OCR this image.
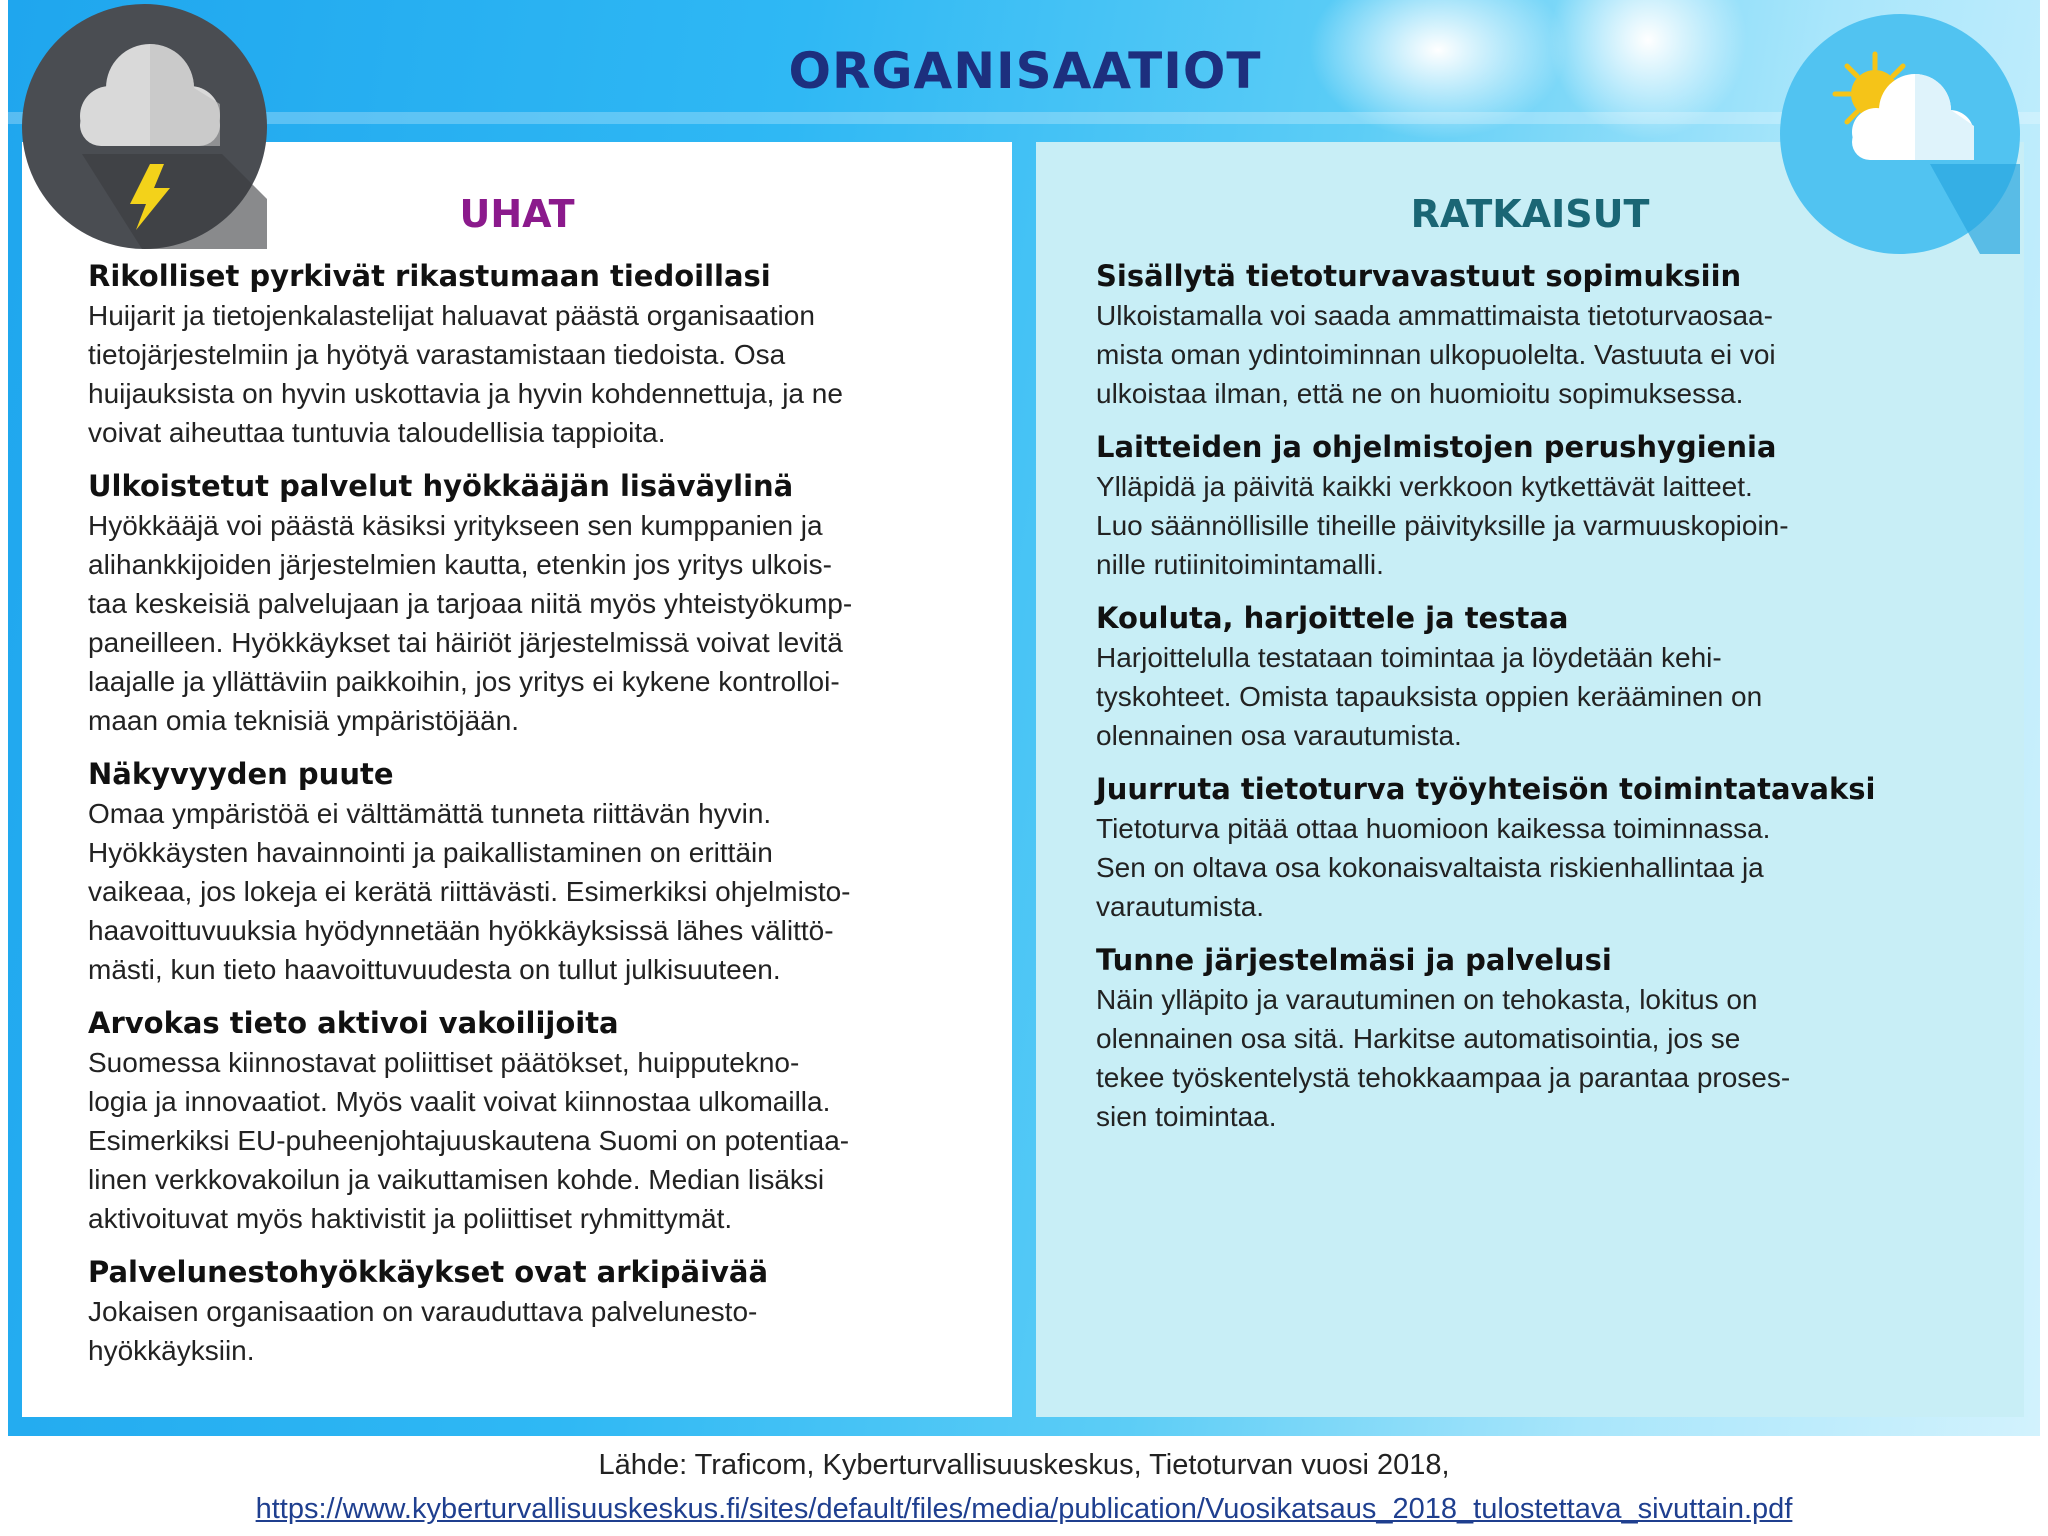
ORGANISAATIOT
UHAT
Rikolliset pyrkivät rikastumaan tiedoillasi

Huijarit ja tietojenkalastelijat haluavat päästä organisaation
tietojärjestelmiin ja hyötyä varastamistaan tiedoista. Osa
huijauksista on hyvin uskottavia ja hyvin kohdennettuja, ja ne
voivat aiheuttaa tuntuvia taloudellisia tappioita.

Ulkoistetut palvelut hyökkääjän lisäväylinä

Hyökkääjä voi päästä käsiksi yritykseen sen kumppanien ja
alihankkijoiden järjestelmien kautta, etenkin jos yritys ulkois-
taa keskeisiä palvelujaan ja tarjoaa niitä myös yhteistyökump-
paneilleen. Hyökkäykset tai häiriöt järjestelmissä voivat levitä
laajalle ja yllättäviin paikkoihin, jos yritys ei kykene kontrolloi-
maan omia teknisiä ympäristöjään.

Näkyvyyden puute

Omaa ympäristöä ei välttämättä tunneta riittävän hyvin.
Hyökkäysten havainnointi ja paikallistaminen on erittäin
vaikeaa, jos lokeja ei kerätä riittävästi. Esimerkiksi ohjelmisto-
haavoittuvuuksia hyödynnetään hyökkäyksissä lähes välittö-
mästi, kun tieto haavoittuvuudesta on tullut julkisuuteen.

Arvokas tieto aktivoi vakoilijoita

Suomessa kiinnostavat poliittiset päätökset, huipputekno-
logia ja innovaatiot. Myös vaalit voivat kiinnostaa ulkomailla.
Esimerkiksi EU-puheenjohtajuuskautena Suomi on potentiaa-
linen verkkovakoilun ja vaikuttamisen kohde. Median lisäksi
aktivoituvat myös haktivistit ja poliittiset ryhmittymät.

Palvelunestohyökkäykset ovat arkipäivää

Jokaisen organisaation on varauduttava palvelunesto-
hyökkäyksiin.

RATKAISUT
Sisällytä tietoturvavastuut sopimuksiin

Ulkoistamalla voi saada ammattimaista tietoturvaosaa-
mista oman ydintoiminnan ulkopuolelta. Vastuuta ei voi
ulkoistaa ilman, että ne on huomioitu sopimuksessa.

Laitteiden ja ohjelmistojen perushygienia

Ylläpidä ja päivitä kaikki verkkoon kytkettävät laitteet.
Luo säännöllisille tiheille päivityksille ja varmuuskopioin-
nille rutiinitoimintamalli.

Kouluta, harjoittele ja testaa

Harjoittelulla testataan toimintaa ja löydetään kehi-
tyskohteet. Omista tapauksista oppien kerääminen on
olennainen osa varautumista.

Juurruta tietoturva työyhteisön toimintatavaksi

Tietoturva pitää ottaa huomioon kaikessa toiminnassa.
Sen on oltava osa kokonaisvaltaista riskienhallintaa ja
varautumista.

Tunne järjestelmäsi ja palvelusi

Näin ylläpito ja varautuminen on tehokasta, lokitus on
olennainen osa sitä. Harkitse automatisointia, jos se
tekee työskentelystä tehokkaampaa ja parantaa proses-
sien toimintaa.

Lähde: Traficom, Kyberturvallisuuskeskus, Tietoturvan vuosi 2018,
https://www.kyberturvallisuuskeskus.fi/sites/default/files/media/publication/Vuosikatsaus_2018_tulostettava_sivuttain.pdf
